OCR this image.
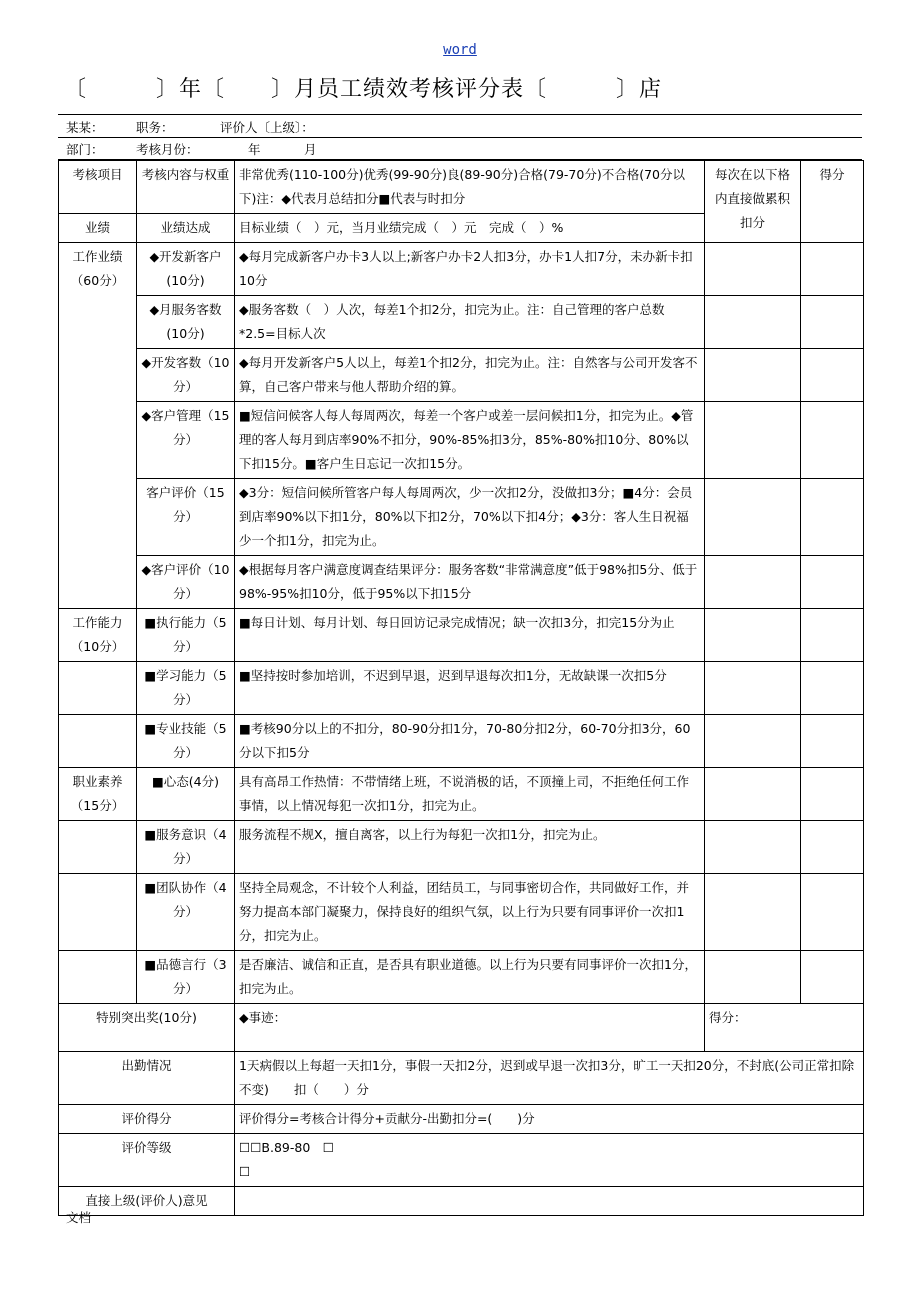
word
〔　　　〕年〔　　〕月员工绩效考核评分表〔　　　〕店
某某：	职务：	评价人〔上级〕：
部门：	考核月份：	年	月
考核项目	考核内容与权重	非常优秀(110-100分)优秀(99-90分)良(89-90分)合格(79-70分)不合格(70分以下)注：◆代表月总结扣分■代表与时扣分	每次在以下格内直接做累积扣分	得分
业绩	业绩达成	目标业绩（　）元，当月业绩完成（　）元　完成（　）%		
工作业绩（60分）	◆开发新客户(10分)	◆每月完成新客户办卡3人以上;新客户办卡2人扣3分，办卡1人扣7分，未办新卡扣10分		
	◆月服务客数(10分)	◆服务客数（　）人次，每差1个扣2分，扣完为止。注：自己管理的客户总数*2.5=目标人次		
	◆开发客数（10分）	◆每月开发新客户5人以上，每差1个扣2分，扣完为止。注：自然客与公司开发客不算，自己客户带来与他人帮助介绍的算。		
	◆客户管理（15分）	■短信问候客人每人每周两次，每差一个客户或差一层问候扣1分，扣完为止。◆管理的客人每月到店率90%不扣分，90%-85%扣3分，85%-80%扣10分、80%以下扣15分。■客户生日忘记一次扣15分。		
	客户评价（15分）	◆3分：短信问候所管客户每人每周两次，少一次扣2分，没做扣3分；■4分：会员到店率90%以下扣1分，80%以下扣2分，70%以下扣4分；◆3分：客人生日祝福少一个扣1分，扣完为止。		
	◆客户评价（10分）	◆根据每月客户满意度调查结果评分：服务客数“非常满意度”低于98%扣5分、低于98%-95%扣10分，低于95%以下扣15分		
工作能力（10分）	■执行能力（5分）	■每日计划、每月计划、每日回访记录完成情况；缺一次扣3分，扣完15分为止		
	■学习能力（5分）	■坚持按时参加培训，不迟到早退，迟到早退每次扣1分，无故缺课一次扣5分		
	■专业技能（5分）	■考核90分以上的不扣分，80-90分扣1分，70-80分扣2分，60-70分扣3分，60分以下扣5分		
职业素养（15分）	■心态(4分)	具有高昂工作热情：不带情绪上班，不说消极的话，不顶撞上司，不拒绝任何工作事情，以上情况每犯一次扣1分，扣完为止。		
	■服务意识（4分）	服务流程不规X，擅自离客，以上行为每犯一次扣1分，扣完为止。		
	■团队协作（4分）	坚持全局观念，不计较个人利益，团结员工，与同事密切合作，共同做好工作，并努力提高本部门凝聚力，保持良好的组织气氛，以上行为只要有同事评价一次扣1分，扣完为止。		
	■品德言行（3分）	是否廉洁、诚信和正直，是否具有职业道德。以上行为只要有同事评价一次扣1分，扣完为止。		
特别突出奖(10分)		◆事迹：	得分：	
出勤情况		1天病假以上每超一天扣1分，事假一天扣2分，迟到或早退一次扣3分，旷工一天扣20分，不封底(公司正常扣除不变)　　扣（　　）分		
评价得分		评价得分=考核合计得分+贡献分-出勤扣分=(　　)分		
评价等级		☐☐B.89-80　☐
☐		

直接上级(评价人)意见				
文档
